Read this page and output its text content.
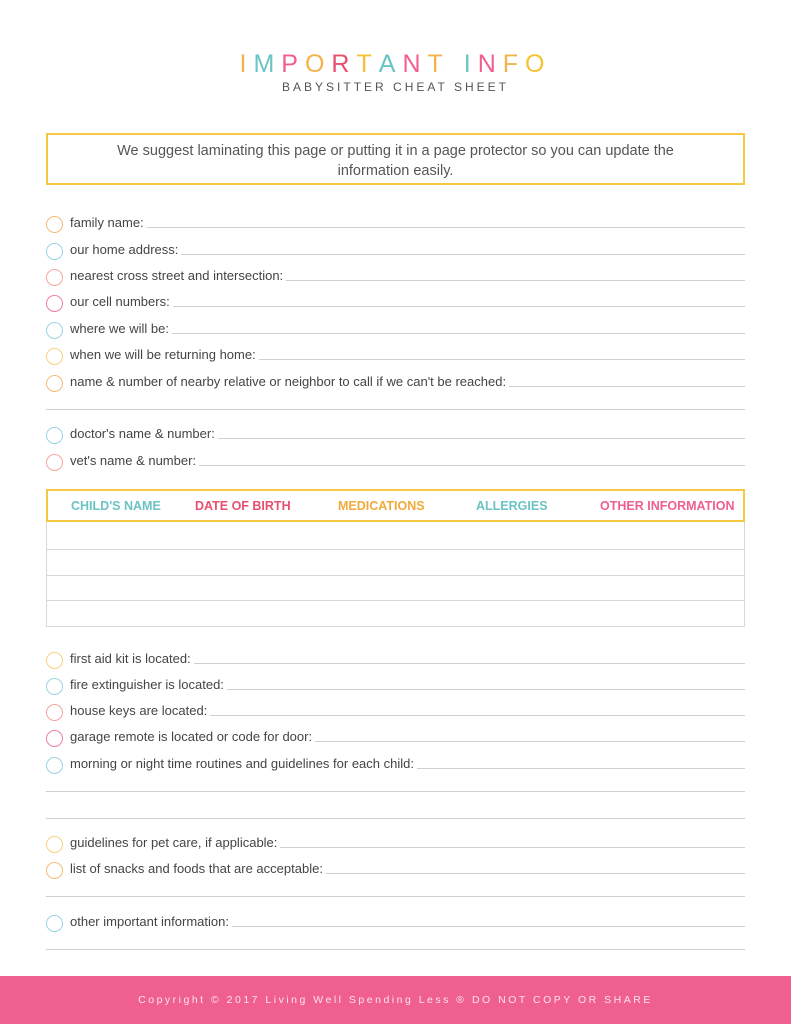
IMPORTANT INFO
BABYSITTER CHEAT SHEET
We suggest laminating this page or putting it in a page protector so you can update the information easily.
family name:
our home address:
nearest cross street and intersection:
our cell numbers:
where we will be:
when we will be returning home:
name & number of nearby relative or neighbor to call if we can't be reached:
doctor's name & number:
vet's name & number:
CHILD'S NAME	DATE OF BIRTH	MEDICATIONS	ALLERGIES	OTHER INFORMATION
first aid kit is located:
fire extinguisher is located:
house keys are located:
garage remote is located or code for door:
morning or night time routines and guidelines for each child:
guidelines for pet care, if applicable:
list of snacks and foods that are acceptable:
other important information:
Copyright © 2017 Living Well Spending Less ® DO NOT COPY OR SHARE
